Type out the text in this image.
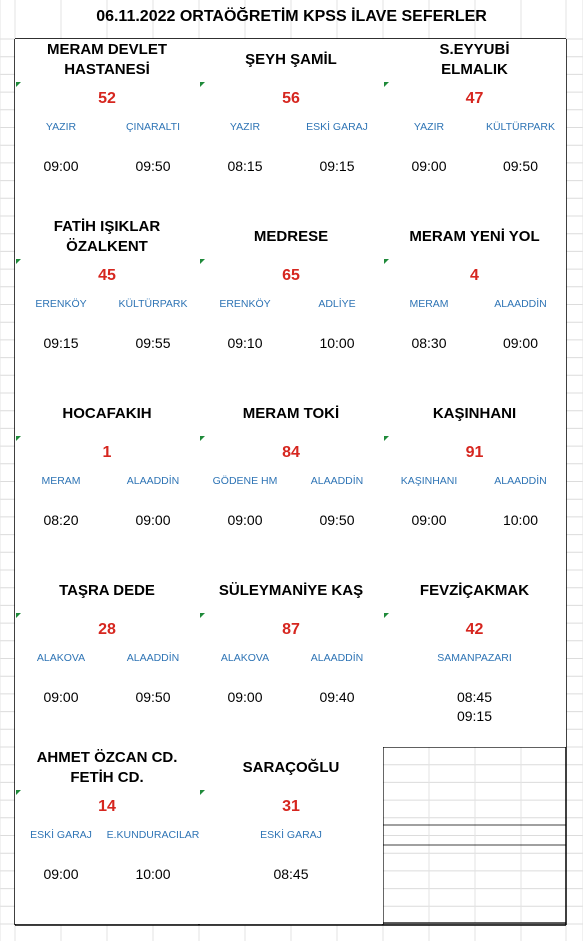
06.11.2022 ORTAÖĞRETİM KPSS İLAVE SEFERLER
MERAM DEVLET
HASTANESİ
52
YAZIR
09:00
ÇINARALTI
09:50
ŞEYH ŞAMİL
56
YAZIR
08:15
ESKİ GARAJ
09:15
S.EYYUBİ
ELMALIK
47
YAZIR
09:00
KÜLTÜRPARK
09:50
FATİH IŞIKLAR
ÖZALKENT
45
ERENKÖY
09:15
KÜLTÜRPARK
09:55
MEDRESE
65
ERENKÖY
09:10
ADLİYE
10:00
MERAM YENİ YOL
4
MERAM
08:30
ALAADDİN
09:00
HOCAFAKIH
1
MERAM
08:20
ALAADDİN
09:00
MERAM TOKİ
84
GÖDENE HM
09:00
ALAADDİN
09:50
KAŞINHANI
91
KAŞINHANI
09:00
ALAADDİN
10:00
TAŞRA DEDE
28
ALAKOVA
09:00
ALAADDİN
09:50
SÜLEYMANİYE KAŞ
87
ALAKOVA
09:00
ALAADDİN
09:40
FEVZİÇAKMAK
42
SAMANPAZARI
08:45
09:15
AHMET ÖZCAN CD.
FETİH CD.
14
ESKİ GARAJ
09:00
E.KUNDURACILAR
10:00
SARAÇOĞLU
31
ESKİ GARAJ
08:45
